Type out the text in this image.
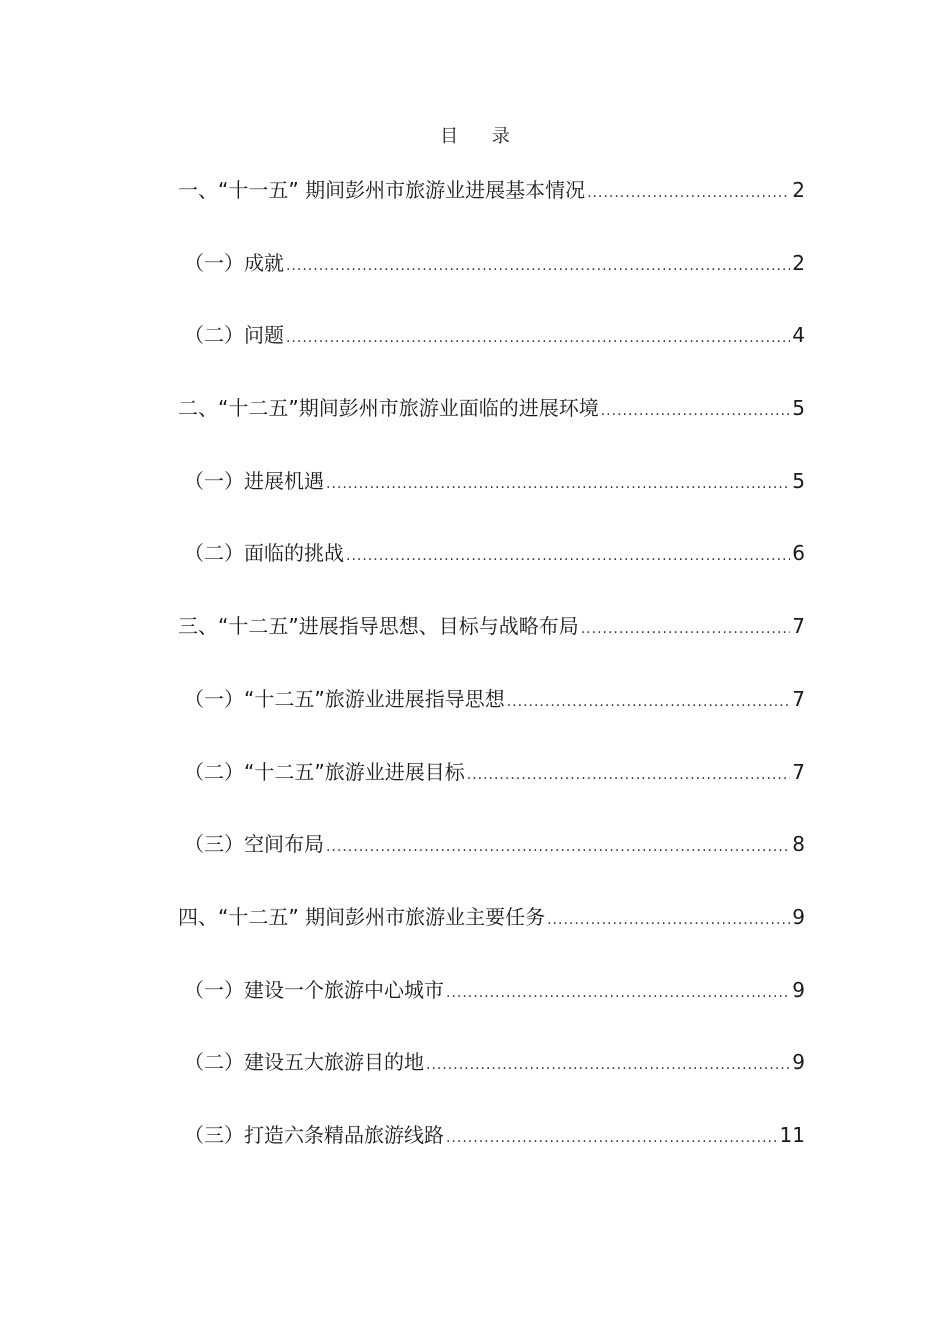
目 录
一、“十一五” 期间彭州市旅游业进展基本情况 .....	2
（一）成就 .....	2
（二）问题 .....	4
二、“十二五”期间彭州市旅游业面临的进展环境 .....	5
（一）进展机遇 .....	5
（二）面临的挑战 .....	6
三、“十二五”进展指导思想、目标与战略布局 .....	7
（一）“十二五”旅游业进展指导思想 .....	7
（二）“十二五”旅游业进展目标 .....	7
（三）空间布局 .....	8
四、“十二五” 期间彭州市旅游业主要任务 .....	9
（一）建设一个旅游中心城市 .....	9
（二）建设五大旅游目的地 .....	9
（三）打造六条精品旅游线路 .....	11
